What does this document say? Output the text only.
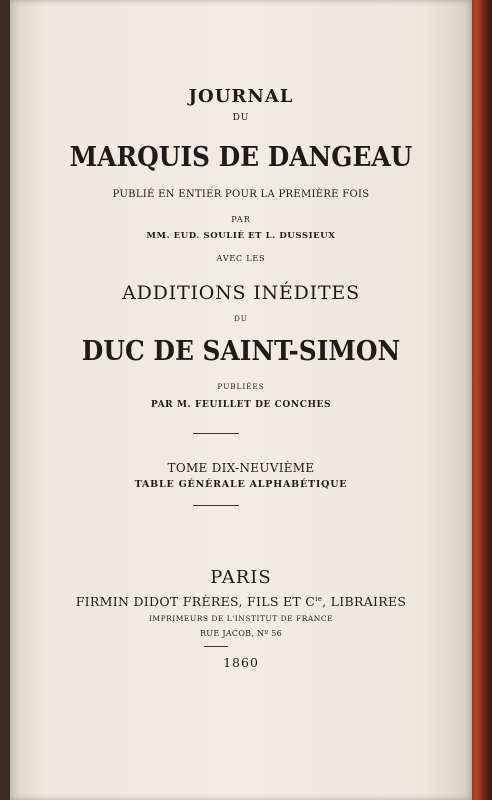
JOURNAL

DU

MARQUIS DE DANGEAU

PUBLIÉ EN ENTIER POUR LA PREMIÈRE FOIS

PAR

MM. EUD. SOULIÉ ET L. DUSSIEUX

AVEC LES

ADDITIONS INÉDITES

DU

DUC DE SAINT-SIMON

PUBLIÉES

PAR M. FEUILLET DE CONCHES

TOME DIX-NEUVIÈME

TABLE GÉNÉRALE ALPHABÉTIQUE

PARIS

FIRMIN DIDOT FRÈRES, FILS ET $C^{ie}$, LIBRAIRES

IMPRIMEURS DE L'INSTITUT DE FRANCE

RUE JACOB, Nº 56

1860
